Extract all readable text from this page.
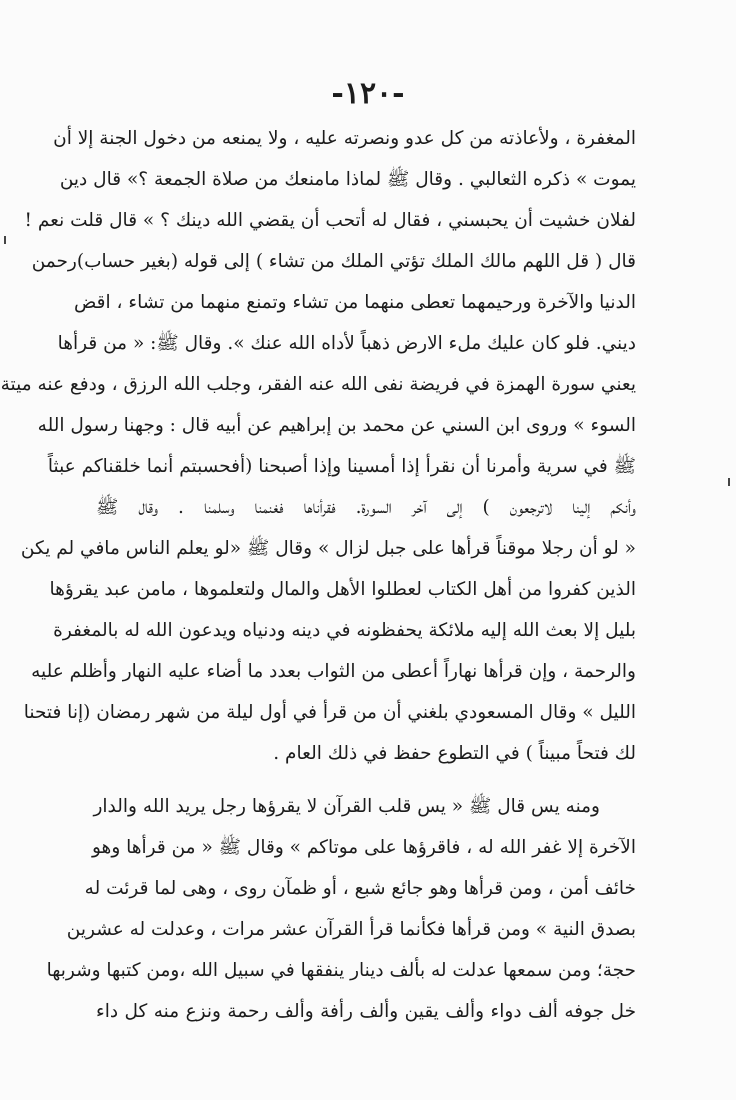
-١٢٠-
المغفرة ، ولأعاذته من كل عدو ونصرته عليه ، ولا يمنعه من دخول الجنة إلا أن
يموت » ذكره الثعالبي . وقال ﷺ لماذا مامنعك من صلاة الجمعة ؟» قال دين
لفلان خشيت أن يحبسني ، فقال له أتحب أن يقضي الله دينك ؟ » قال قلت نعم !
قال ( قل اللهم مالك الملك تؤتي الملك من تشاء ) إلى قوله (بغير حساب)رحمن
الدنيا والآخرة ورحيمهما تعطى منهما من تشاء وتمنع منهما من تشاء ، اقض
ديني. فلو كان عليك ملء الارض ذهباً لأداه الله عنك ». وقال ﷺ: « من قرأها
يعني سورة الهمزة في فريضة نفى الله عنه الفقر، وجلب الله الرزق ، ودفع عنه ميتة
السوء » وروى ابن السني عن محمد بن إبراهيم عن أبيه قال : وجهنا رسول الله
ﷺ في سرية وأمرنا أن نقرأ إذا أمسينا وإذا أصبحنا (أفحسبتم أنما خلقناكم عبثاً
وأنكم إلينا لاترجعون ) إلى آخر السورة. فقرأناها فغنمنا وسلمنا . وقال ﷺ
« لو أن رجلا موقناً قرأها على جبل لزال » وقال ﷺ «لو يعلم الناس مافي لم يكن
الذين كفروا من أهل الكتاب لعطلوا الأهل والمال ولتعلموها ، مامن عبد يقرؤها
بليل إلا بعث الله إليه ملائكة يحفظونه في دينه ودنياه ويدعون الله له بالمغفرة
والرحمة ، وإن قرأها نهاراً أعطى من الثواب بعدد ما أضاء عليه النهار وأظلم عليه
الليل » وقال المسعودي بلغني أن من قرأ في أول ليلة من شهر رمضان (إنا فتحنا
لك فتحاً مبيناً ) في التطوع حفظ في ذلك العام .
ومنه يس قال ﷺ « يس قلب القرآن لا يقرؤها رجل يريد الله والدار
الآخرة إلا غفر الله له ، فاقرؤها على موتاكم » وقال ﷺ « من قرأها وهو
خائف أمن ، ومن قرأها وهو جائع شبع ، أو ظمآن روى ، وهى لما قرئت له
بصدق النية » ومن قرأها فكأنما قرأ القرآن عشر مرات ، وعدلت له عشرين
حجة؛ ومن سمعها عدلت له بألف دينار ينفقها في سبيل الله ،ومن كتبها وشربها
خل جوفه ألف دواء وألف يقين وألف رأفة وألف رحمة ونزع منه كل داء
